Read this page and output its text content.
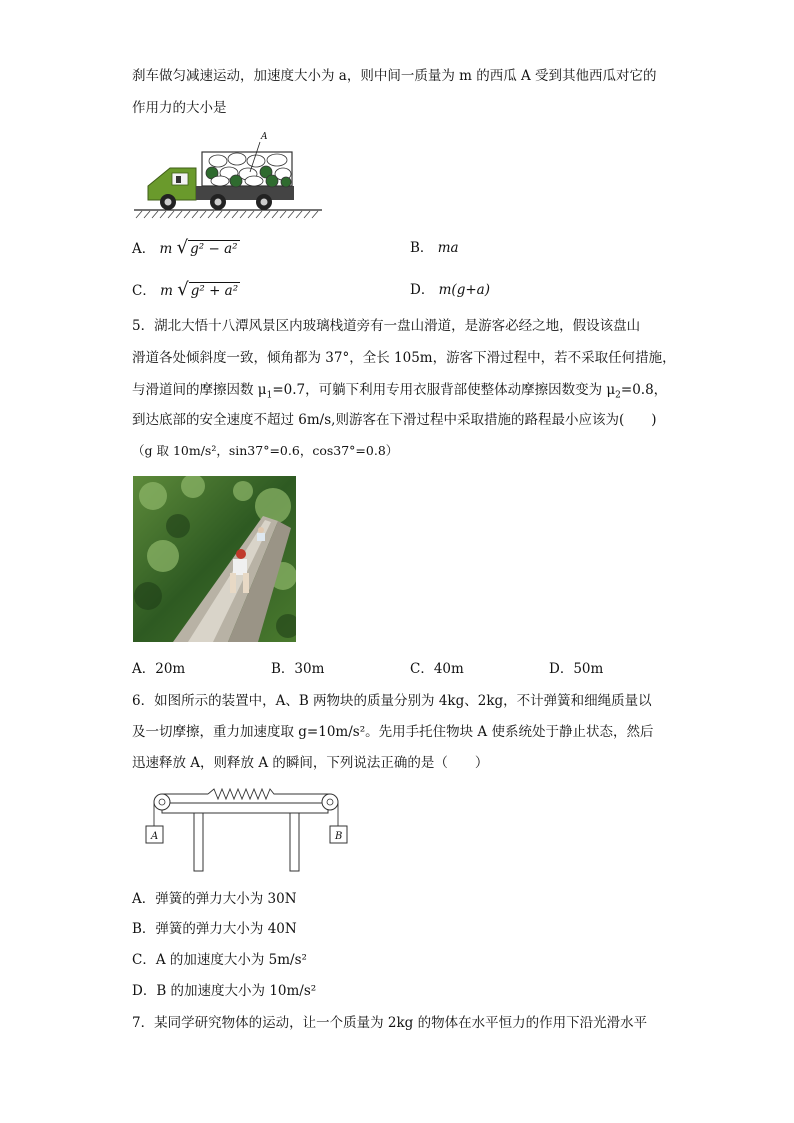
刹车做匀减速运动，加速度大小为 a，则中间一质量为 m 的西瓜 A 受到其他西瓜对它的
作用力的大小是
A
A． m √ g² − a²	B． ma
C． m √ g² + a²	D． m(g+a)
5．湖北大悟十八潭风景区内玻璃栈道旁有一盘山滑道，是游客必经之地，假设该盘山
滑道各处倾斜度一致，倾角都为 37°，全长 105m，游客下滑过程中，若不采取任何措施，
与滑道间的摩擦因数 $\mu_1=0.7$，可躺下利用专用衣服背部使整体动摩擦因数变为 $\mu_2=0.8$，
到达底部的安全速度不超过 6m/s,则游客在下滑过程中采取措施的路程最小应该为(　　)
（g 取 10m/s²，sin37°=0.6，cos37°=0.8）
A．20m	B．30m	C．40m	D．50m
6．如图所示的装置中，A、B 两物块的质量分别为 4kg、2kg，不计弹簧和细绳质量以
及一切摩擦，重力加速度取 g=10m/s²。先用手托住物块 A 使系统处于静止状态，然后
迅速释放 A，则释放 A 的瞬间，下列说法正确的是（　　）
A	B
A．弹簧的弹力大小为 30N
B．弹簧的弹力大小为 40N
C．A 的加速度大小为 5m/s²
D．B 的加速度大小为 10m/s²
7．某同学研究物体的运动，让一个质量为 2kg 的物体在水平恒力的作用下沿光滑水平
